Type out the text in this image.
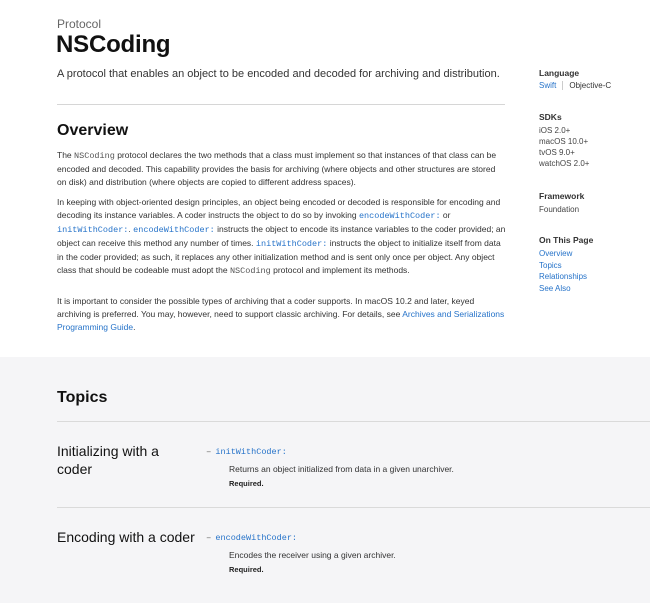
Protocol
NSCoding
A protocol that enables an object to be encoded and decoded for archiving and distribution.
Overview

The NSCoding protocol declares the two methods that a class must implement so that instances of that class can be encoded and decoded. This capability provides the basis for archiving (where objects and other structures are stored on disk) and distribution (where objects are copied to different address spaces).

In keeping with object-oriented design principles, an object being encoded or decoded is responsible for encoding and decoding its instance variables. A coder instructs the object to do so by invoking encodeWithCoder: or initWithCoder:. encodeWithCoder: instructs the object to encode its instance variables to the coder provided; an object can receive this method any number of times. initWithCoder: instructs the object to initialize itself from data in the coder provided; as such, it replaces any other initialization method and is sent only once per object. Any object class that should be codeable must adopt the NSCoding protocol and implement its methods.

It is important to consider the possible types of archiving that a coder supports. In macOS 10.2 and later, keyed archiving is preferred. You may, however, need to support classic archiving. For details, see Archives and Serializations Programming Guide.

Language
Swift Objective-C
SDKs
iOS 2.0+
macOS 10.0+
tvOS 9.0+
watchOS 2.0+
Framework
Foundation
On This Page
Overview
Topics
Relationships
See Also
Topics
Initializing with a coder
– initWithCoder:
Returns an object initialized from data in a given unarchiver.
Required.
Encoding with a coder – encodeWithCoder:
Encodes the receiver using a given archiver.
Required.
